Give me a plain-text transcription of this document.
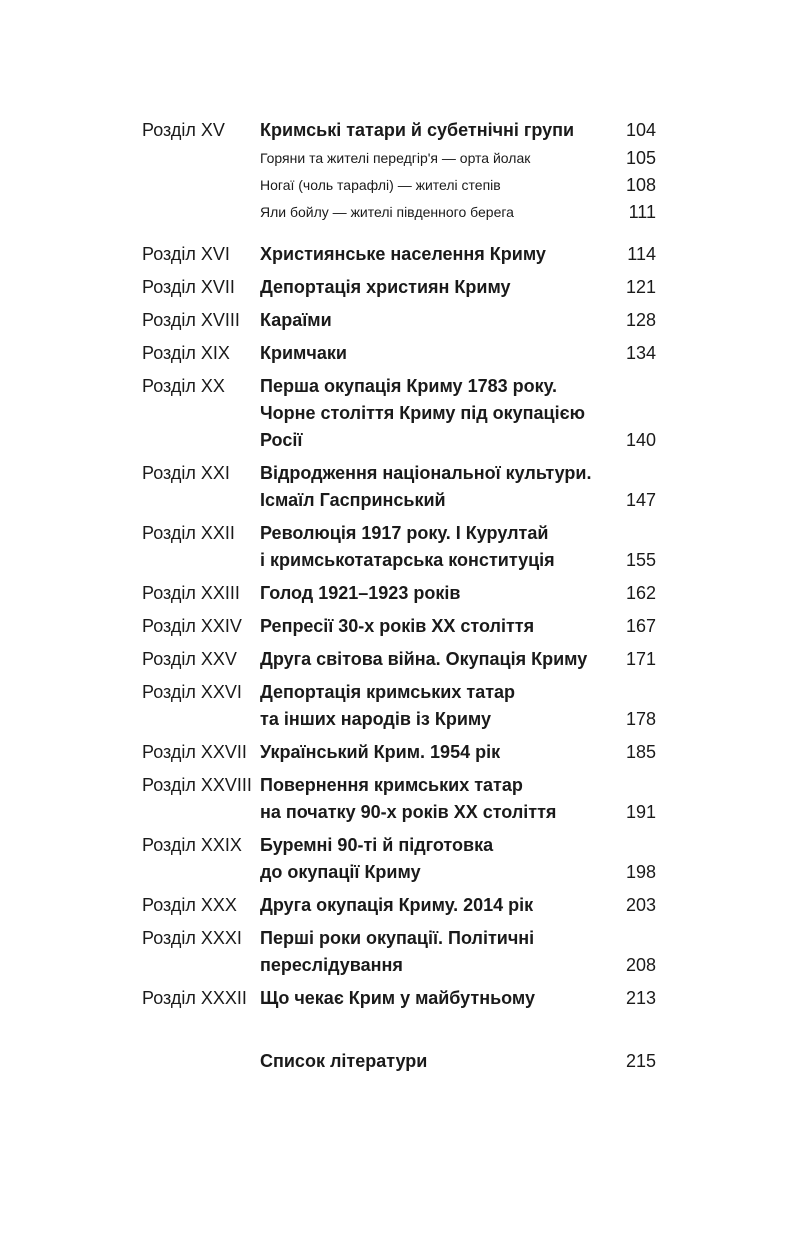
Розділ XV Кримські татари й субетнічні групи	104
Горяни та жителі передгір'я — орта йолак	105
Ногаї (чоль тарафлі) — жителі степів	108
Яли бойлу — жителі південного берега	111
Розділ XVI Християнське населення Криму	114
Розділ XVII Депортація християн Криму	121
Розділ XVIII Караїми	128
Розділ XIX Кримчаки	134
Розділ XX Перша окупація Криму 1783 року.
Чорне століття Криму під окупацією
Росії	140
Розділ XXI Відродження національної культури.
Ісмаїл Гаспринський	147
Розділ XXII Революція 1917 року. І Курултай
і кримськотатарська конституція	155
Розділ XXIII Голод 1921–1923 років	162
Розділ XXIV Репресії 30-х років XX століття	167
Розділ XXV Друга світова війна. Окупація Криму 171
Розділ XXVI Депортація кримських татар
та інших народів із Криму	178
Розділ XXVII Український Крим. 1954 рік	185
Розділ XXVIII Повернення кримських татар
на початку 90-х років XX століття	191
Розділ XXIX Буремні 90-ті й підготовка
до окупації Криму	198
Розділ XXX Друга окупація Криму. 2014 рік	203
Розділ XXXI Перші роки окупації. Політичні
переслідування	208
Розділ XXXII Що чекає Крим у майбутньому	213
Список літератури	215
